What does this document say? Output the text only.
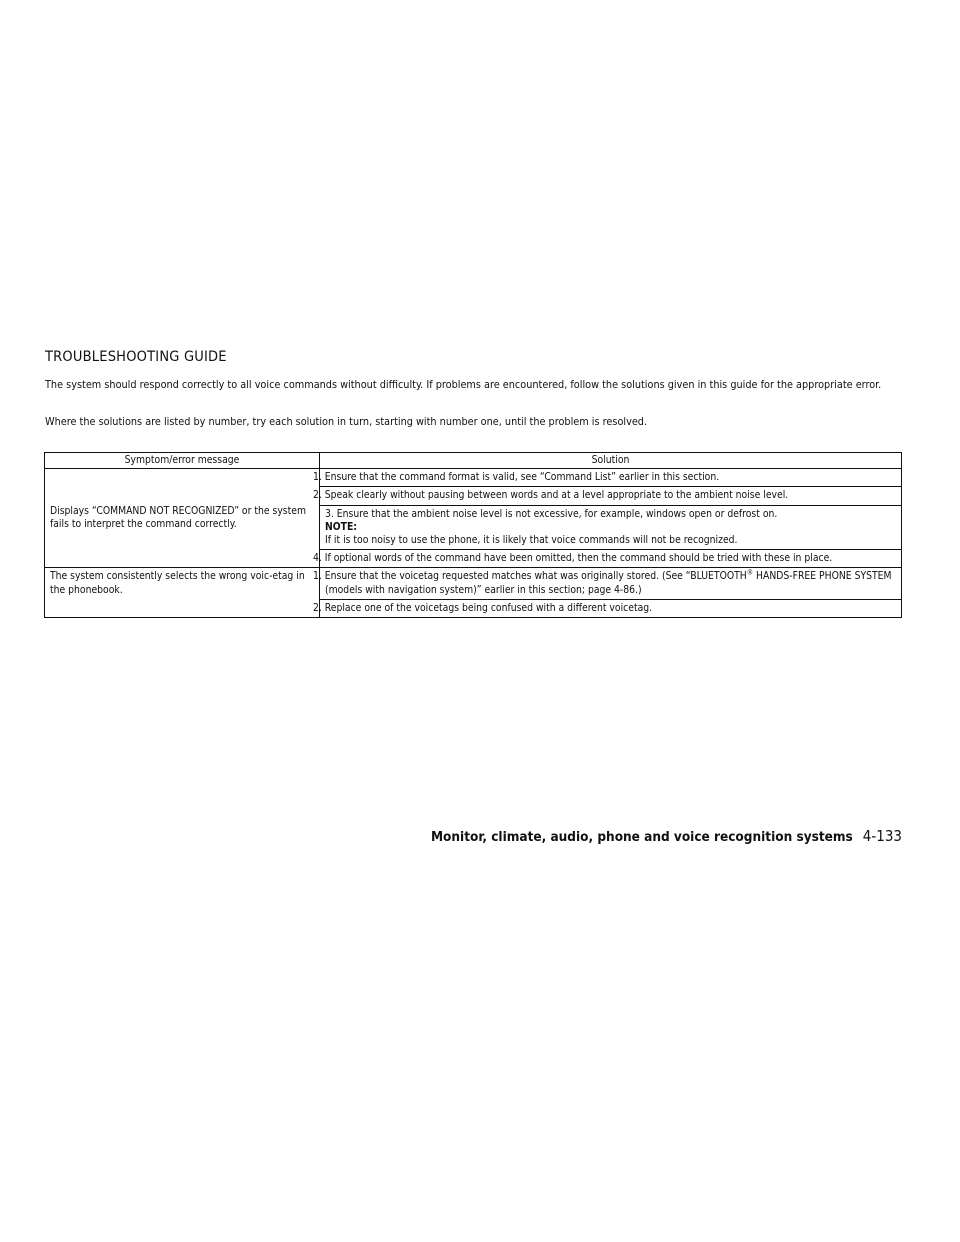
TROUBLESHOOTING GUIDE

The system should respond correctly to all voice commands without difficulty. If problems are encountered, follow the solutions given in this guide for the appropriate error.

Where the solutions are listed by number, try each solution in turn, starting with number one, until the problem is resolved.

Symptom/error message	Solution
Displays “COMMAND NOT RECOGNIZED” or the system fails to interpret the command correctly.	1. Ensure that the command format is valid, see “Command List” earlier in this section.
	2. Speak clearly without pausing between words and at a level appropriate to the ambient noise level.

	3. Ensure that the ambient noise level is not excessive, for example, windows open or defrost on.
NOTE:
If it is too noisy to use the phone, it is likely that voice commands will not be recognized.

	4. If optional words of the command have been omitted, then the command should be tried with these in place.
The system consistently selects the wrong voic-etag in the phonebook.	1. Ensure that the voicetag requested matches what was originally stored. (See “BLUETOOTH® HANDS-FREE PHONE SYSTEM (models with navigation system)” earlier in this section; page 4-86.)
	2. Replace one of the voicetags being confused with a different voicetag.
Monitor, climate, audio, phone and voice recognition systems 4-133
